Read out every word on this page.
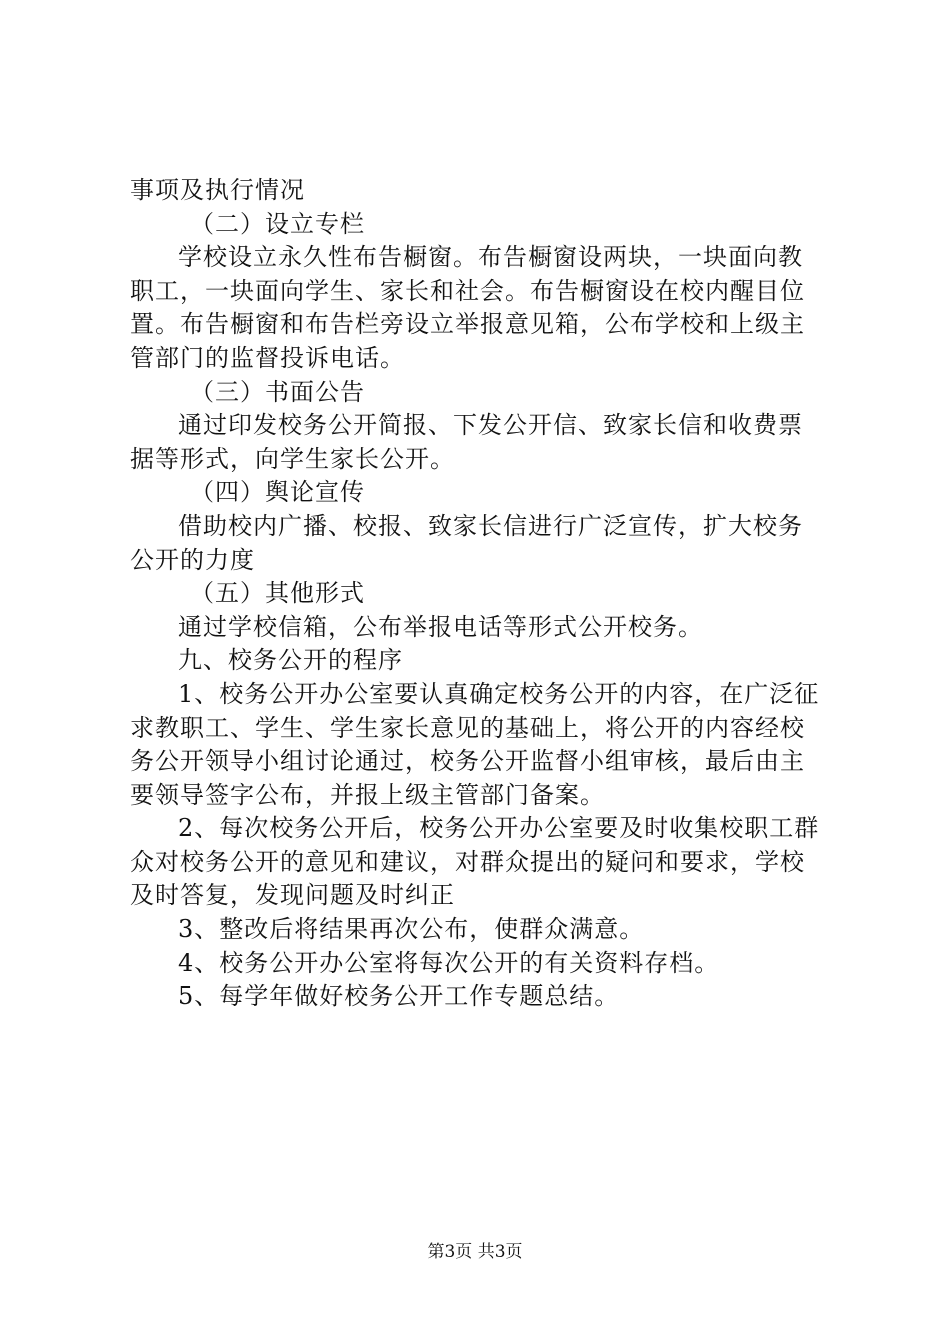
事项及执行情况
（二）设立专栏
学校设立永久性布告橱窗。布告橱窗设两块，一块面向教
职工，一块面向学生、家长和社会。布告橱窗设在校内醒目位
置。布告橱窗和布告栏旁设立举报意见箱，公布学校和上级主
管部门的监督投诉电话。
（三）书面公告
通过印发校务公开简报、下发公开信、致家长信和收费票
据等形式，向学生家长公开。
（四）舆论宣传
借助校内广播、校报、致家长信进行广泛宣传，扩大校务
公开的力度
（五）其他形式
通过学校信箱，公布举报电话等形式公开校务。
九、校务公开的程序
1、校务公开办公室要认真确定校务公开的内容，在广泛征
求教职工、学生、学生家长意见的基础上，将公开的内容经校
务公开领导小组讨论通过，校务公开监督小组审核，最后由主
要领导签字公布，并报上级主管部门备案。
2、每次校务公开后，校务公开办公室要及时收集校职工群
众对校务公开的意见和建议，对群众提出的疑问和要求，学校
及时答复，发现问题及时纠正
3、整改后将结果再次公布，使群众满意。
4、校务公开办公室将每次公开的有关资料存档。
5、每学年做好校务公开工作专题总结。
第3页 共3页
